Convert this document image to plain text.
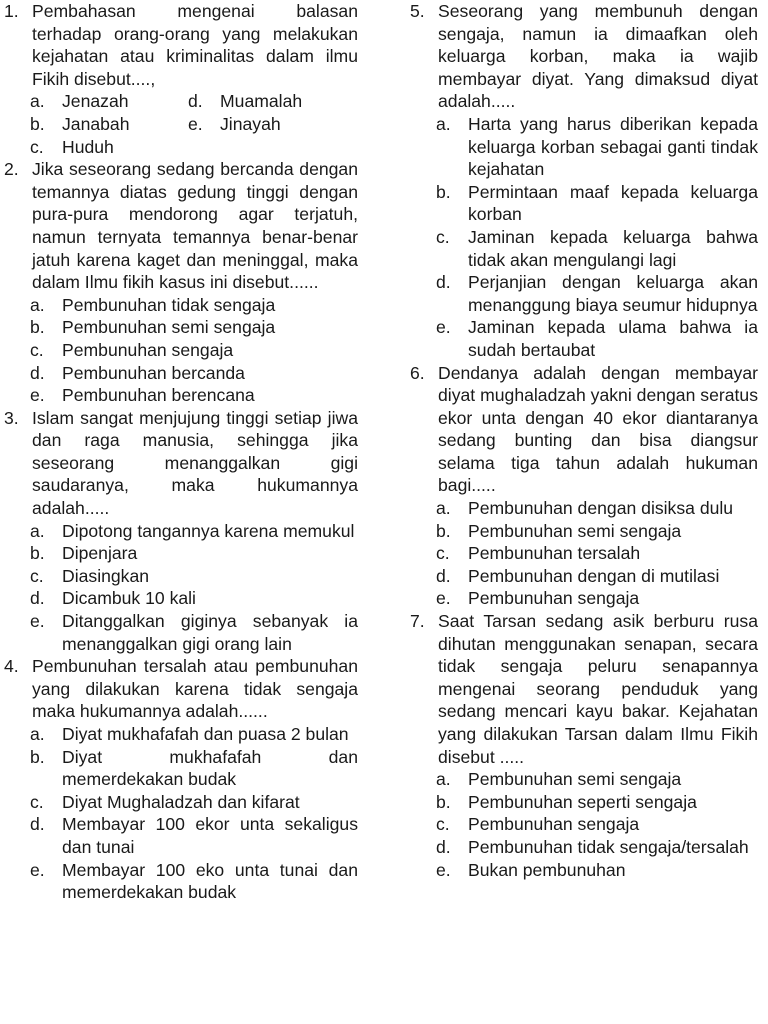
1. Pembahasan mengenai balasan terhadap orang-orang yang melakukan kejahatan atau kriminalitas dalam ilmu Fikih disebut....,
a. Jenazah	d. Muamalah
b. Janabah	e. Jinayah
c. Huduh
2. Jika seseorang sedang bercanda dengan temannya diatas gedung tinggi dengan pura-pura mendorong agar terjatuh, namun ternyata temannya benar-benar jatuh karena kaget dan meninggal, maka dalam Ilmu fikih kasus ini disebut......
a. Pembunuhan tidak sengaja
b. Pembunuhan semi sengaja
c. Pembunuhan sengaja
d. Pembunuhan bercanda
e. Pembunuhan berencana
3. Islam sangat menjujung tinggi setiap jiwa dan raga manusia, sehingga jika seseorang menanggalkan gigi saudaranya, maka hukumannya adalah.....
a. Dipotong tangannya karena memukul
b. Dipenjara
c. Diasingkan
d. Dicambuk 10 kali
e. Ditanggalkan giginya sebanyak ia menanggalkan gigi orang lain
4. Pembunuhan tersalah atau pembunuhan yang dilakukan karena tidak sengaja maka hukumannya adalah......
a. Diyat mukhafafah dan puasa 2 bulan
b. Diyat mukhafafah dan memerdekakan budak
c. Diyat Mughaladzah dan kifarat
d. Membayar 100 ekor unta sekaligus dan tunai
e. Membayar 100 eko unta tunai dan memerdekakan budak
5. Seseorang yang membunuh dengan sengaja, namun ia dimaafkan oleh keluarga korban, maka ia wajib membayar diyat. Yang dimaksud diyat adalah.....
a. Harta yang harus diberikan kepada keluarga korban sebagai ganti tindak kejahatan
b. Permintaan maaf kepada keluarga korban
c. Jaminan kepada keluarga bahwa tidak akan mengulangi lagi
d. Perjanjian dengan keluarga akan menanggung biaya seumur hidupnya
e. Jaminan kepada ulama bahwa ia sudah bertaubat
6. Dendanya adalah dengan membayar diyat mughaladzah yakni dengan seratus ekor unta dengan 40 ekor diantaranya sedang bunting dan bisa diangsur selama tiga tahun adalah hukuman bagi.....
a. Pembunuhan dengan disiksa dulu
b. Pembunuhan semi sengaja
c. Pembunuhan tersalah
d. Pembunuhan dengan di mutilasi
e. Pembunuhan sengaja
7. Saat Tarsan sedang asik berburu rusa dihutan menggunakan senapan, secara tidak sengaja peluru senapannya mengenai seorang penduduk yang sedang mencari kayu bakar. Kejahatan yang dilakukan Tarsan dalam Ilmu Fikih disebut .....
a. Pembunuhan semi sengaja
b. Pembunuhan seperti sengaja
c. Pembunuhan sengaja
d. Pembunuhan tidak sengaja/tersalah
e. Bukan pembunuhan
